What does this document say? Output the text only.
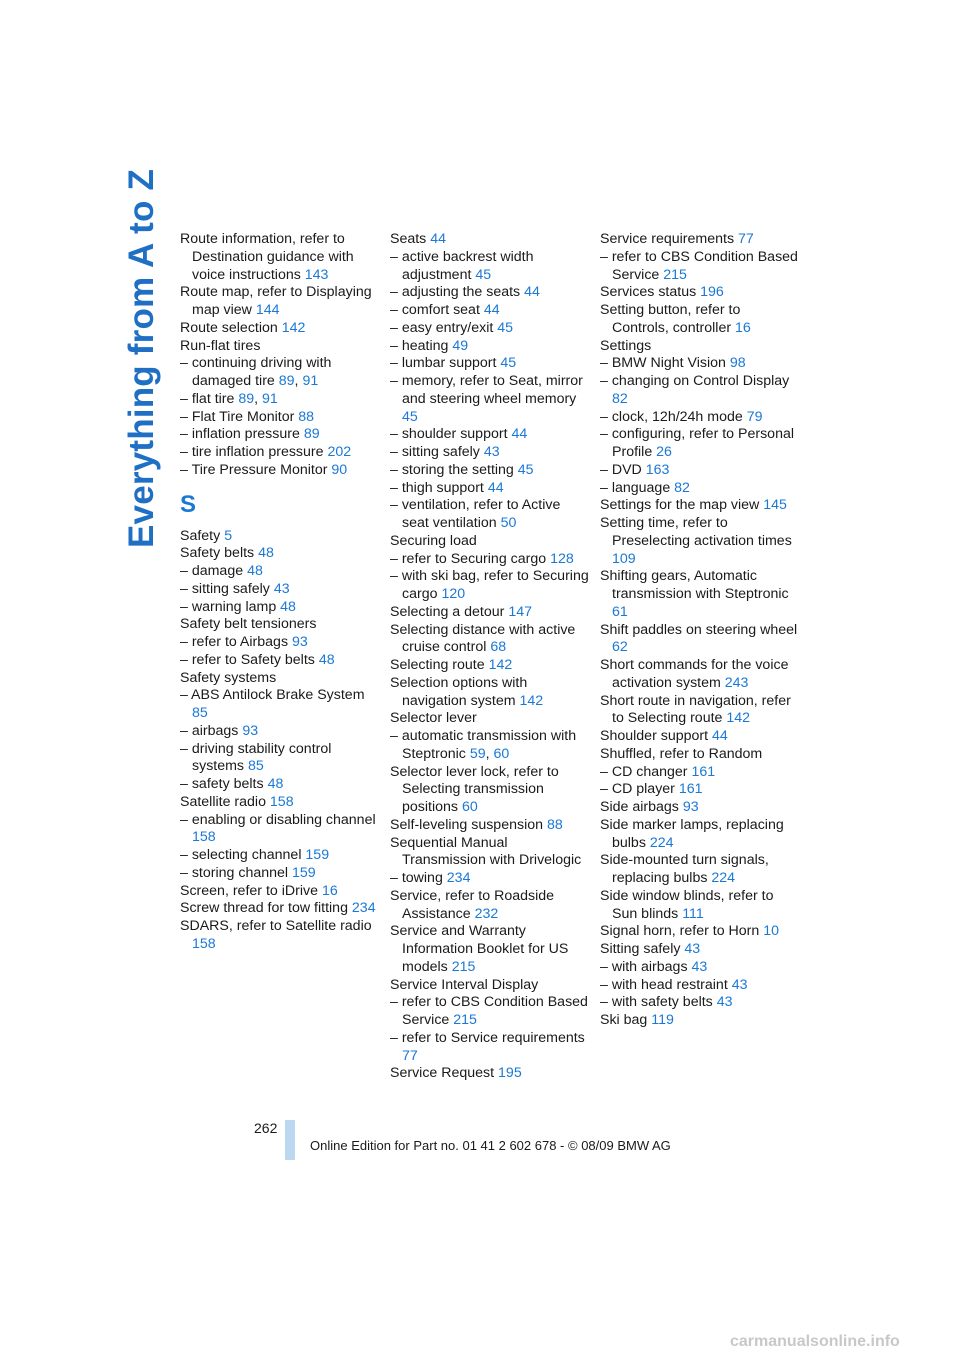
Everything from A to Z	Route information, refer to Destination guidance with voice instructions 143
Route map, refer to Displaying map view 144
Route selection 142
Run-flat tires
– continuing driving with damaged tire 89, 91
– flat tire 89, 91
– Flat Tire Monitor 88
– inflation pressure 89
– tire inflation pressure 202
– Tire Pressure Monitor 90
S
Safety 5
Safety belts 48
– damage 48
– sitting safely 43
– warning lamp 48
Safety belt tensioners
– refer to Airbags 93
– refer to Safety belts 48
Safety systems
– ABS Antilock Brake System 85
– airbags 93
– driving stability control systems 85
– safety belts 48
Satellite radio 158
– enabling or disabling channel 158
– selecting channel 159
– storing channel 159
Screen, refer to iDrive 16
Screw thread for tow fitting 234
SDARS, refer to Satellite radio 158
Seats 44
– active backrest width adjustment 45
– adjusting the seats 44
– comfort seat 44
– easy entry/exit 45
– heating 49
– lumbar support 45
– memory, refer to Seat, mirror and steering wheel memory 45
– shoulder support 44
– sitting safely 43
– storing the setting 45
– thigh support 44
– ventilation, refer to Active seat ventilation 50
Securing load
– refer to Securing cargo 128
– with ski bag, refer to Securing cargo 120
Selecting a detour 147
Selecting distance with active cruise control 68
Selecting route 142
Selection options with navigation system 142
Selector lever
– automatic transmission with Steptronic 59, 60
Selector lever lock, refer to Selecting transmission positions 60
Self-leveling suspension 88
Sequential Manual Transmission with Drivelogic
– towing 234
Service, refer to Roadside Assistance 232
Service and Warranty Information Booklet for US models 215
Service Interval Display
– refer to CBS Condition Based Service 215
– refer to Service requirements 77
Service Request 195
Service requirements 77
– refer to CBS Condition Based Service 215
Services status 196
Setting button, refer to Controls, controller 16
Settings
– BMW Night Vision 98
– changing on Control Display 82
– clock, 12h/24h mode 79
– configuring, refer to Personal Profile 26
– DVD 163
– language 82
Settings for the map view 145
Setting time, refer to Preselecting activation times 109
Shifting gears, Automatic transmission with Steptronic 61
Shift paddles on steering wheel 62
Short commands for the voice activation system 243
Short route in navigation, refer to Selecting route 142
Shoulder support 44
Shuffled, refer to Random
– CD changer 161
– CD player 161
Side airbags 93
Side marker lamps, replacing bulbs 224
Side-mounted turn signals, replacing bulbs 224
Side window blinds, refer to Sun blinds 111
Signal horn, refer to Horn 10
Sitting safely 43
– with airbags 43
– with head restraint 43
– with safety belts 43
Ski bag 119
262
Online Edition for Part no. 01 41 2 602 678 - © 08/09 BMW AG
carmanualsonline.info
